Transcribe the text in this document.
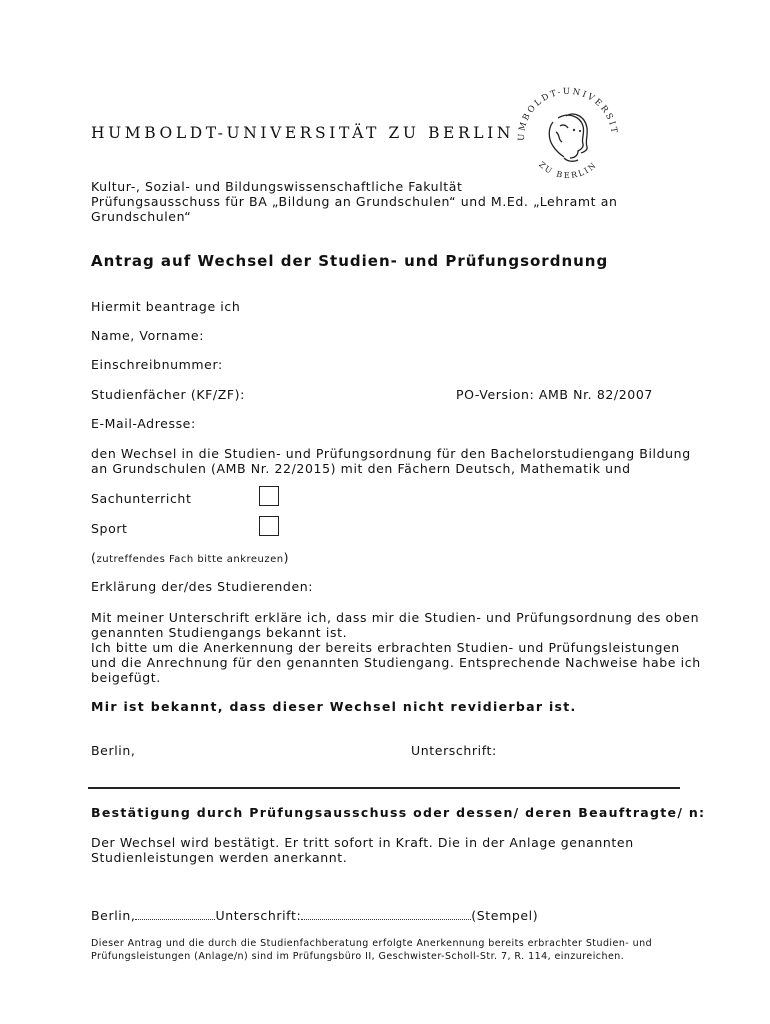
HUMBOLDT-UNIVERSITÄT ZU BERLIN UMBOLDT-UNIVERSIT
ZU BERLIN
Kultur-, Sozial- und Bildungswissenschaftliche Fakultät
Prüfungsausschuss für BA „Bildung an Grundschulen“ und M.Ed. „Lehramt an
Grundschulen“
Antrag auf Wechsel der Studien- und Prüfungsordnung
Hiermit beantrage ich
Name, Vorname:
Einschreibnummer:
Studienfächer (KF/ZF):	PO-Version: AMB Nr. 82/2007
E-Mail-Adresse:
den Wechsel in die Studien- und Prüfungsordnung für den Bachelorstudiengang Bildung
an Grundschulen (AMB Nr. 22/2015) mit den Fächern Deutsch, Mathematik und
Sachunterricht
Sport
(zutreffendes Fach bitte ankreuzen)
Erklärung der/des Studierenden:
Mit meiner Unterschrift erkläre ich, dass mir die Studien- und Prüfungsordnung des oben
genannten Studiengangs bekannt ist.
Ich bitte um die Anerkennung der bereits erbrachten Studien- und Prüfungsleistungen
und die Anrechnung für den genannten Studiengang. Entsprechende Nachweise habe ich
beigefügt.
Mir ist bekannt, dass dieser Wechsel nicht revidierbar ist.
Berlin,	Unterschrift:
Bestätigung durch Prüfungsausschuss oder dessen/ deren Beauftragte/ n:
Der Wechsel wird bestätigt. Er tritt sofort in Kraft. Die in der Anlage genannten
Studienleistungen werden anerkannt.
Berlin,	Unterschrift:	(Stempel)
Dieser Antrag und die durch die Studienfachberatung erfolgte Anerkennung bereits erbrachter Studien- und
Prüfungsleistungen (Anlage/n) sind im Prüfungsbüro II, Geschwister-Scholl-Str. 7, R. 114, einzureichen.
